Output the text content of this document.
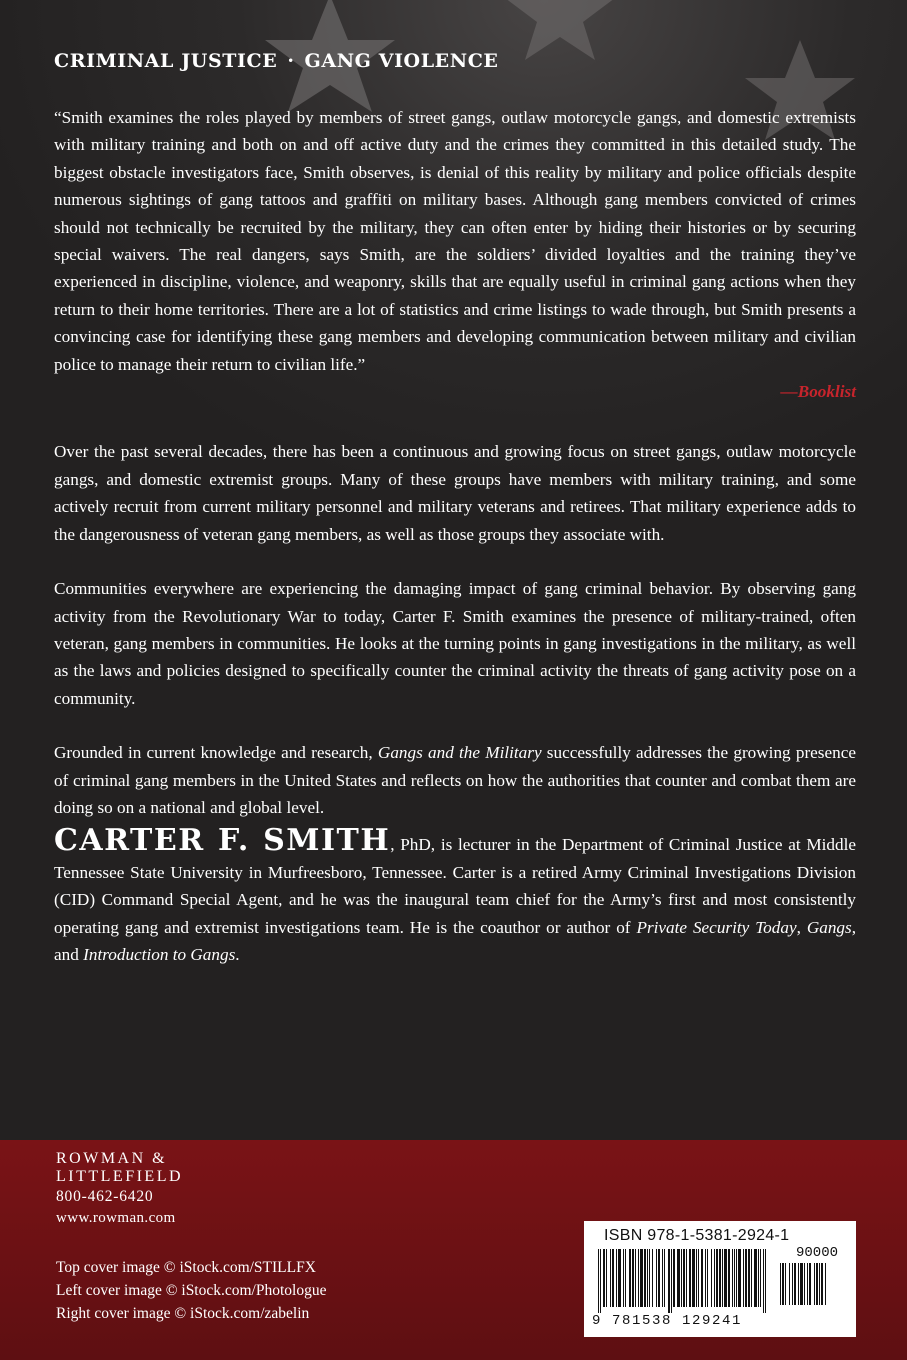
CRIMINAL JUSTICE · GANG VIOLENCE

“Smith examines the roles played by members of street gangs, outlaw motorcycle gangs, and domestic extremists with military training and both on and off active duty and the crimes they committed in this detailed study. The biggest obstacle investigators face, Smith observes, is denial of this reality by military and police officials despite numerous sightings of gang tattoos and graffiti on military bases. Although gang members convicted of crimes should not technically be recruited by the military, they can often enter by hiding their histories or by securing special waivers. The real dangers, says Smith, are the soldiers’ divided loyalties and the training they’ve experienced in discipline, violence, and weaponry, skills that are equally useful in criminal gang actions when they return to their home territories. There are a lot of statistics and crime listings to wade through, but Smith presents a convincing case for identifying these gang members and developing communication between military and civilian police to manage their return to civilian life.”
—Booklist

Over the past several decades, there has been a continuous and growing focus on street gangs, outlaw motorcycle gangs, and domestic extremist groups. Many of these groups have members with military training, and some actively recruit from current military personnel and military veterans and retirees. That military experience adds to the dangerousness of veteran gang members, as well as those groups they associate with.

Communities everywhere are experiencing the damaging impact of gang criminal behavior. By observing gang activity from the Revolutionary War to today, Carter F. Smith examines the presence of military-trained, often veteran, gang members in communities. He looks at the turning points in gang investigations in the military, as well as the laws and policies designed to specifically counter the criminal activity the threats of gang activity pose on a community.

Grounded in current knowledge and research, Gangs and the Military successfully addresses the growing presence of criminal gang members in the United States and reflects on how the authorities that counter and combat them are doing so on a national and global level.

CARTER F. SMITH, PhD, is lecturer in the Department of Criminal Justice at Middle Tennessee State University in Murfreesboro, Tennessee. Carter is a retired Army Criminal Investigations Division (CID) Command Special Agent, and he was the inaugural team chief for the Army’s first and most consistently operating gang and extremist investigations team. He is the coauthor or author of Private Security Today, Gangs, and Introduction to Gangs.

ROWMAN &
LITTLEFIELD
800-462-6420
www.rowman.com
Top cover image © iStock.com/STILLFX
Left cover image © iStock.com/Photologue
Right cover image © iStock.com/zabelin
ISBN 978-1-5381-2924-1
90000
9 781538 129241
